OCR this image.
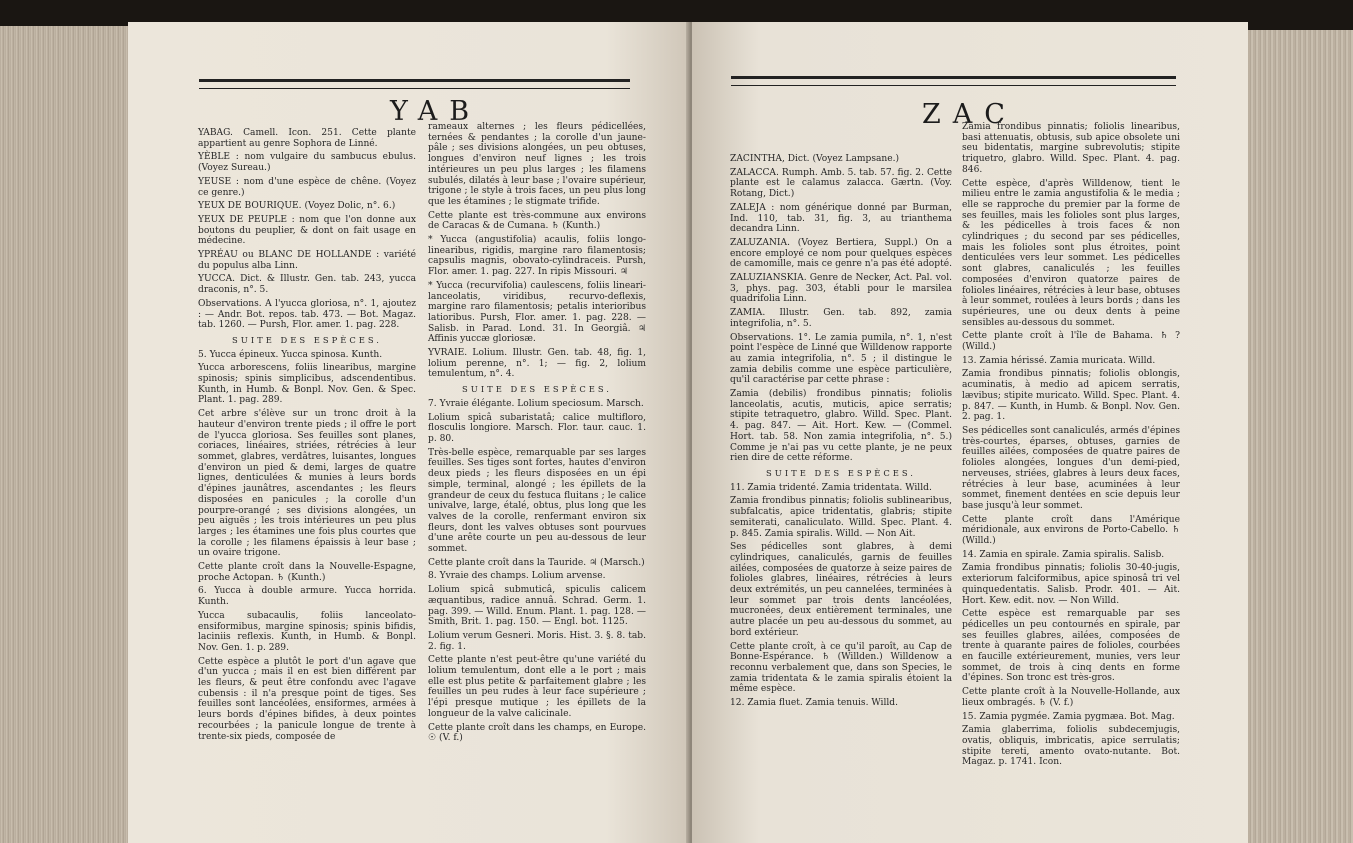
YAB

YABAG. Camell. Icon. 251. Cette plante appartient au genre Sophora de Linné.

YÈBLE : nom vulgaire du sambucus ebulus. (Voyez Sureau.)

YEUSE : nom d'une espèce de chêne. (Voyez ce genre.)

YEUX DE BOURIQUE. (Voyez Dolic, n°. 6.)

YEUX DE PEUPLE : nom que l'on donne aux boutons du peuplier, & dont on fait usage en médecine.

YPRÉAU ou BLANC DE HOLLANDE : variété du populus alba Linn.

YUCCA. Dict. & Illustr. Gen. tab. 243, yucca draconis, n°. 5.

Observations. A l'yucca gloriosa, n°. 1, ajoutez : — Andr. Bot. repos. tab. 473. — Bot. Magaz. tab. 1260. — Pursh, Flor. amer. 1. pag. 228.

SUITE DES ESPÈCES.

5. Yucca épineux. Yucca spinosa. Kunth.

Yucca arborescens, foliis linearibus, margine spinosis; spinis simplicibus, adscendentibus. Kunth, in Humb. & Bonpl. Nov. Gen. & Spec. Plant. 1. pag. 289.

Cet arbre s'élève sur un tronc droit à la hauteur d'environ trente pieds ; il offre le port de l'yucca gloriosa. Ses feuilles sont planes, coriaces, linéaires, striées, rétrécies à leur sommet, glabres, verdâtres, luisantes, longues d'environ un pied & demi, larges de quatre lignes, denticulées & munies à leurs bords d'épines jaunâtres, ascendantes ; les fleurs disposées en panicules ; la corolle d'un pourpre-orangé ; ses divisions alongées, un peu aiguës ; les trois intérieures un peu plus larges ; les étamines une fois plus courtes que la corolle ; les filamens épaissis à leur base ; un ovaire trigone.

Cette plante croît dans la Nouvelle-Espagne, proche Actopan. ♄ (Kunth.)

6. Yucca à double armure. Yucca horrida. Kunth.

Yucca subacaulis, foliis lanceolato-ensiformibus, margine spinosis; spinis bifidis, laciniis reflexis. Kunth, in Humb. & Bonpl. Nov. Gen. 1. p. 289.

Cette espèce a plutôt le port d'un agave que d'un yucca ; mais il en est bien différent par les fleurs, & peut être confondu avec l'agave cubensis : il n'a presque point de tiges. Ses feuilles sont lancéolées, ensiformes, armées à leurs bords d'épines bifides, à deux pointes recourbées ; la panicule longue de trente à trente-six pieds, composée de

rameaux alternes ; les fleurs pédicellées, ternées & pendantes ; la corolle d'un jaune-pâle ; ses divisions alongées, un peu obtuses, longues d'environ neuf lignes ; les trois intérieures un peu plus larges ; les filamens subulés, dilatés à leur base ; l'ovaire supérieur, trigone ; le style à trois faces, un peu plus long que les étamines ; le stigmate trifide.

Cette plante est très-commune aux environs de Caracas & de Cumana. ♄ (Kunth.)

* Yucca (angustifolia) acaulis, foliis longo-linearibus, rigidis, margine raro filamentosis; capsulis magnis, obovato-cylindraceis. Pursh, Flor. amer. 1. pag. 227. In ripis Missouri. ♃

* Yucca (recurvifolia) caulescens, foliis lineari-lanceolatis, viridibus, recurvo-deflexis, margine raro filamentosis; petalis interioribus latioribus. Pursh, Flor. amer. 1. pag. 228. — Salisb. in Parad. Lond. 31. In Georgiâ. ♃ Affinis yuccæ gloriosæ.

YVRAIE. Lolium. Illustr. Gen. tab. 48, fig. 1, lolium perenne, n°. 1; — fig. 2, lolium temulentum, n°. 4.

SUITE DES ESPÈCES.

7. Yvraie élégante. Lolium speciosum. Marsch.

Lolium spicâ subaristatâ; calice multifloro, flosculis longiore. Marsch. Flor. taur. cauc. 1. p. 80.

Très-belle espèce, remarquable par ses larges feuilles. Ses tiges sont fortes, hautes d'environ deux pieds ; les fleurs disposées en un épi simple, terminal, alongé ; les épillets de la grandeur de ceux du festuca fluitans ; le calice univalve, large, étalé, obtus, plus long que les valves de la corolle, renfermant environ six fleurs, dont les valves obtuses sont pourvues d'une arête courte un peu au-dessous de leur sommet.

Cette plante croît dans la Tauride. ♃ (Marsch.)

8. Yvraie des champs. Lolium arvense.

Lolium spicâ submuticâ, spiculis calicem æquantibus, radice annuâ. Schrad. Germ. 1. pag. 399. — Willd. Enum. Plant. 1. pag. 128. — Smith, Brit. 1. pag. 150. — Engl. bot. 1125.

Lolium verum Gesneri. Moris. Hist. 3. §. 8. tab. 2. fig. 1.

Cette plante n'est peut-être qu'une variété du lolium temulentum, dont elle a le port ; mais elle est plus petite & parfaitement glabre ; les feuilles un peu rudes à leur face supérieure ; l'épi presque mutique ; les épillets de la longueur de la valve calicinale.

Cette plante croît dans les champs, en Europe. ☉ (V. f.)

ZAC

ZACINTHA, Dict. (Voyez Lampsane.)

ZALACCA. Rumph. Amb. 5. tab. 57. fig. 2. Cette plante est le calamus zalacca. Gærtn. (Voy. Rotang, Dict.)

ZALEJA : nom générique donné par Burman, Ind. 110, tab. 31, fig. 3, au trianthema decandra Linn.

ZALUZANIA. (Voyez Bertiera, Suppl.) On a encore employé ce nom pour quelques espèces de camomille, mais ce genre n'a pas été adopté.

ZALUZIANSKIA. Genre de Necker, Act. Pal. vol. 3, phys. pag. 303, établi pour le marsilea quadrifolia Linn.

ZAMIA. Illustr. Gen. tab. 892, zamia integrifolia, n°. 5.

Observations. 1°. Le zamia pumila, n°. 1, n'est point l'espèce de Linné que Willdenow rapporte au zamia integrifolia, n°. 5 ; il distingue le zamia debilis comme une espèce particulière, qu'il caractérise par cette phrase :

Zamia (debilis) frondibus pinnatis; foliolis lanceolatis, acutis, muticis, apice serratis; stipite tetraquetro, glabro. Willd. Spec. Plant. 4. pag. 847. — Ait. Hort. Kew. — (Commel. Hort. tab. 58. Non zamia integrifolia, n°. 5.) Comme je n'ai pas vu cette plante, je ne peux rien dire de cette réforme.

SUITE DES ESPÈCES.

11. Zamia tridenté. Zamia tridentata. Willd.

Zamia frondibus pinnatis; foliolis sublinearibus, subfalcatis, apice tridentatis, glabris; stipite semiterati, canaliculato. Willd. Spec. Plant. 4. p. 845. Zamia spiralis. Willd. — Non Ait.

Ses pédicelles sont glabres, à demi cylindriques, canaliculés, garnis de feuilles ailées, composées de quatorze à seize paires de folioles glabres, linéaires, rétrécies à leurs deux extrémités, un peu cannelées, terminées à leur sommet par trois dents lancéolées, mucronées, deux entièrement terminales, une autre placée un peu au-dessous du sommet, au bord extérieur.

Cette plante croît, à ce qu'il paroît, au Cap de Bonne-Espérance. ♄ (Willden.) Willdenow a reconnu verbalement que, dans son Species, le zamia tridentata & le zamia spiralis étoient la même espèce.

12. Zamia fluet. Zamia tenuis. Willd.

Zamia frondibus pinnatis; foliolis linearibus, basi attenuatis, obtusis, sub apice obsolete uni seu bidentatis, margine subrevolutis; stipite triquetro, glabro. Willd. Spec. Plant. 4. pag. 846.

Cette espèce, d'après Willdenow, tient le milieu entre le zamia angustifolia & le media ; elle se rapproche du premier par la forme de ses feuilles, mais les folioles sont plus larges, & les pédicelles à trois faces & non cylindriques ; du second par ses pédicelles, mais les folioles sont plus étroites, point denticulées vers leur sommet. Les pédicelles sont glabres, canaliculés ; les feuilles composées d'environ quatorze paires de folioles linéaires, rétrécies à leur base, obtuses à leur sommet, roulées à leurs bords ; dans les supérieures, une ou deux dents à peine sensibles au-dessous du sommet.

Cette plante croît à l'île de Bahama. ♄ ? (Willd.)

13. Zamia hérissé. Zamia muricata. Willd.

Zamia frondibus pinnatis; foliolis oblongis, acuminatis, à medio ad apicem serratis, lævibus; stipite muricato. Willd. Spec. Plant. 4. p. 847. — Kunth, in Humb. & Bonpl. Nov. Gen. 2. pag. 1.

Ses pédicelles sont canaliculés, armés d'épines très-courtes, éparses, obtuses, garnies de feuilles ailées, composées de quatre paires de folioles alongées, longues d'un demi-pied, nerveuses, striées, glabres à leurs deux faces, rétrécies à leur base, acuminées à leur sommet, finement dentées en scie depuis leur base jusqu'à leur sommet.

Cette plante croît dans l'Amérique méridionale, aux environs de Porto-Cabello. ♄ (Willd.)

14. Zamia en spirale. Zamia spiralis. Salisb.

Zamia frondibus pinnatis; foliolis 30-40-jugis, exteriorum falciformibus, apice spinosâ tri vel quinquedentatis. Salisb. Prodr. 401. — Ait. Hort. Kew. edit. nov. — Non Willd.

Cette espèce est remarquable par ses pédicelles un peu contournés en spirale, par ses feuilles glabres, ailées, composées de trente à quarante paires de folioles, courbées en faucille extérieurement, munies, vers leur sommet, de trois à cinq dents en forme d'épines. Son tronc est très-gros.

Cette plante croît à la Nouvelle-Hollande, aux lieux ombragés. ♄ (V. f.)

15. Zamia pygmée. Zamia pygmæa. Bot. Mag.

Zamia glaberrima, foliolis subdecemjugis, ovatis, obliquis, imbricatis, apice serrulatis; stipite tereti, amento ovato-nutante. Bot. Magaz. p. 1741. Icon.
